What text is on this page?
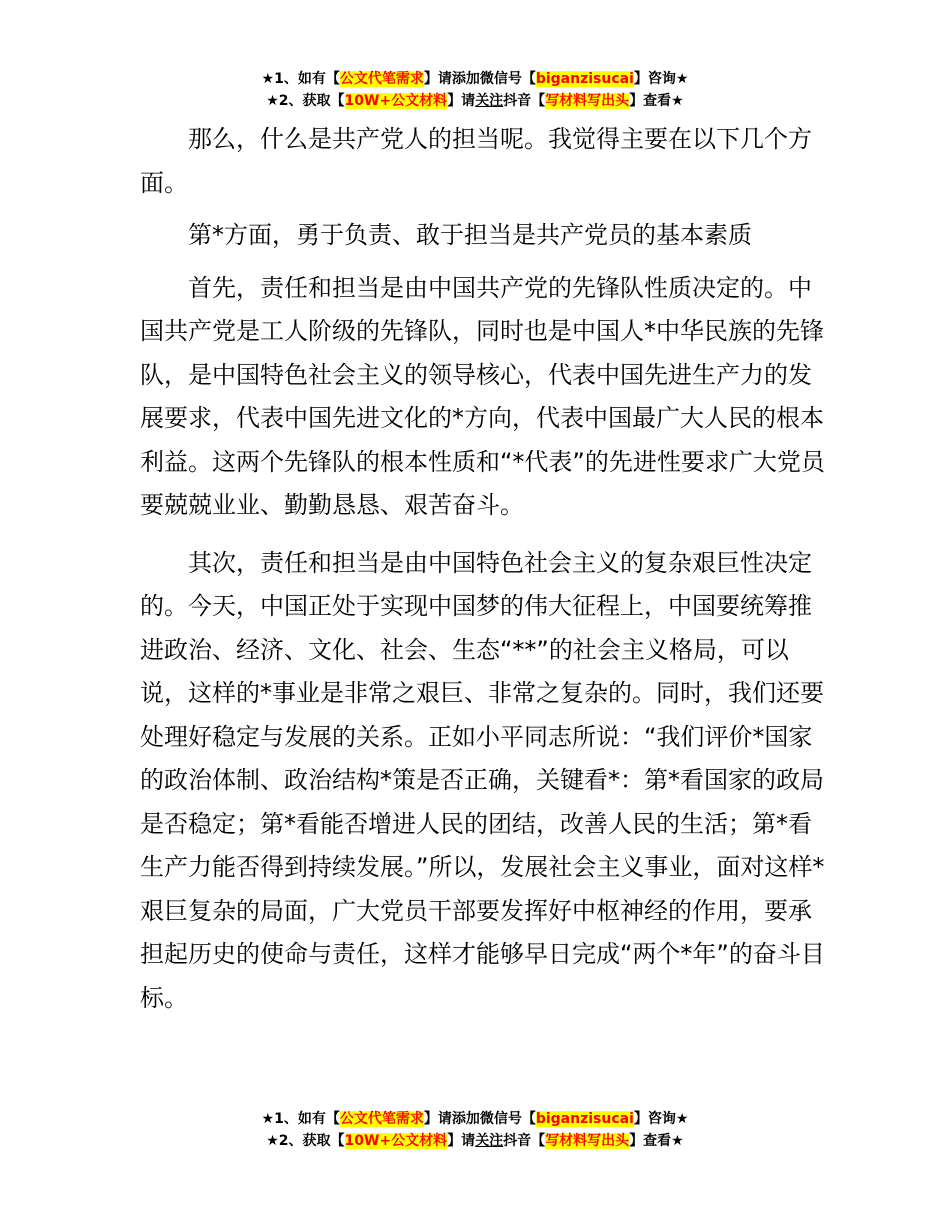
★1、如有【公文代笔需求】请添加微信号【biganzisucai】咨询★
★2、获取【10W+公文材料】请关注抖音【写材料写出头】查看★

那么，什么是共产党人的担当呢。我觉得主要在以下几个方面。

第*方面，勇于负责、敢于担当是共产党员的基本素质

首先，责任和担当是由中国共产党的先锋队性质决定的。中国共产党是工人阶级的先锋队，同时也是中国人*中华民族的先锋队，是中国特色社会主义的领导核心，代表中国先进生产力的发展要求，代表中国先进文化的*方向，代表中国最广大人民的根本利益。这两个先锋队的根本性质和“*代表”的先进性要求广大党员要兢兢业业、勤勤恳恳、艰苦奋斗。

其次，责任和担当是由中国特色社会主义的复杂艰巨性决定的。今天，中国正处于实现中国梦的伟大征程上，中国要统筹推进政治、经济、文化、社会、生态“**”的社会主义格局，可以说，这样的*事业是非常之艰巨、非常之复杂的。同时，我们还要处理好稳定与发展的关系。正如小平同志所说：“我们评价*国家的政治体制、政治结构*策是否正确，关键看*：第*看国家的政局是否稳定；第*看能否增进人民的团结，改善人民的生活；第*看生产力能否得到持续发展。”所以，发展社会主义事业，面对这样*艰巨复杂的局面，广大党员干部要发挥好中枢神经的作用，要承担起历史的使命与责任，这样才能够早日完成“两个*年”的奋斗目标。

★1、如有【公文代笔需求】请添加微信号【biganzisucai】咨询★
★2、获取【10W+公文材料】请关注抖音【写材料写出头】查看★
